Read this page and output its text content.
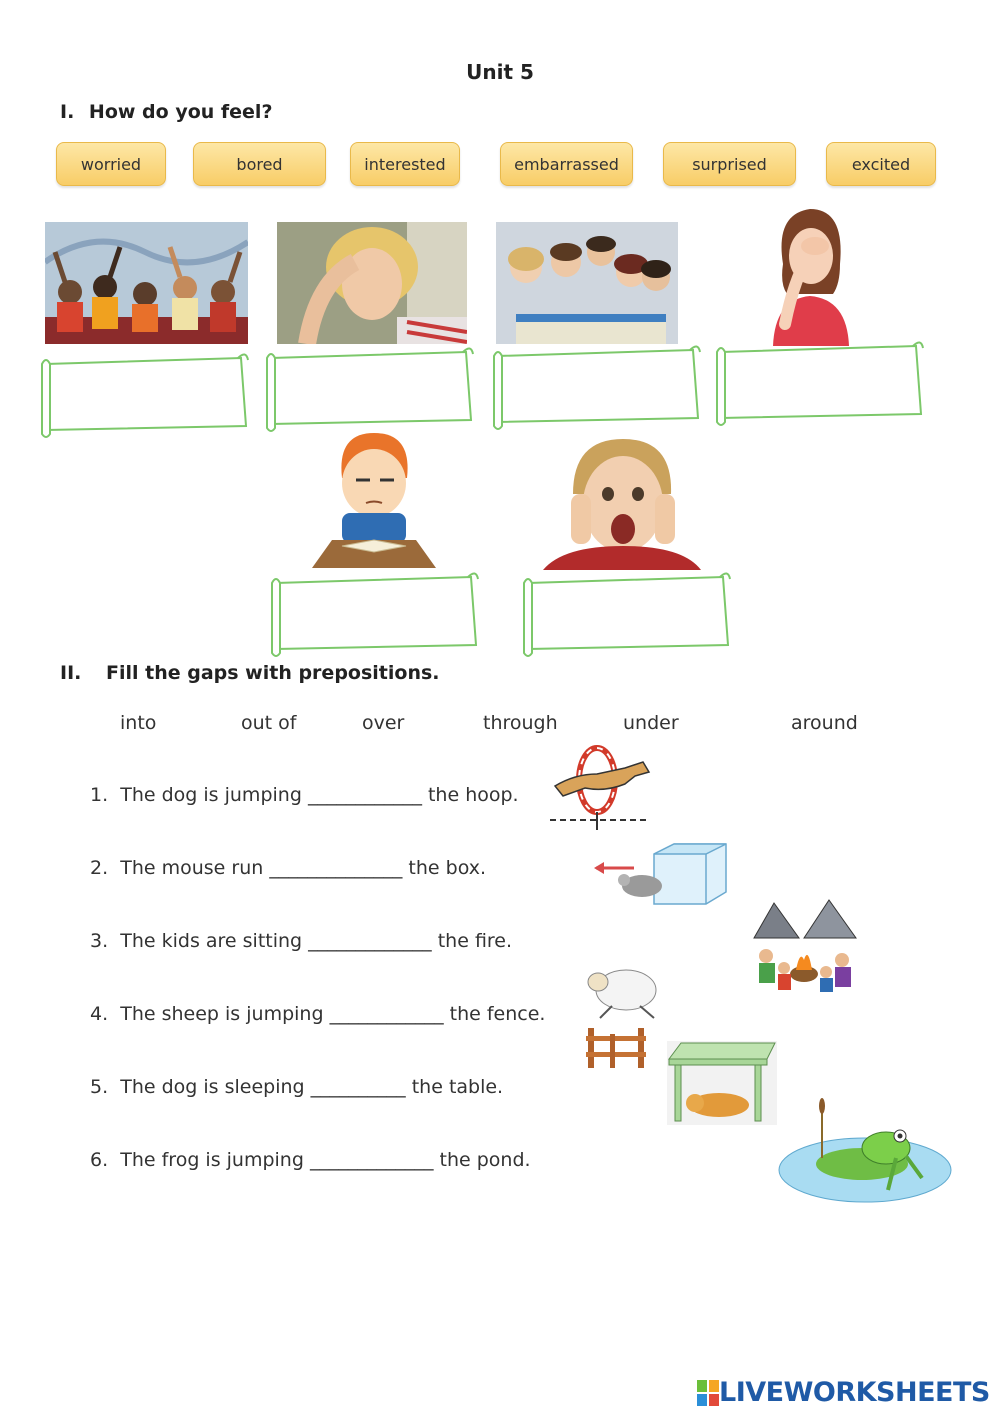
Unit 5
I. How do you feel?
worried	bored	interested	embarrassed	surprised	excited
II. Fill the gaps with prepositions.
into	out of	over	through	under	around
1. The dog is jumping ____________ the hoop.
2. The mouse run ______________ the box.
3. The kids are sitting _____________ the fire.
4. The sheep is jumping ____________ the fence.
5. The dog is sleeping __________ the table.
6. The frog is jumping _____________ the pond.
LIVEWORKSHEETS
